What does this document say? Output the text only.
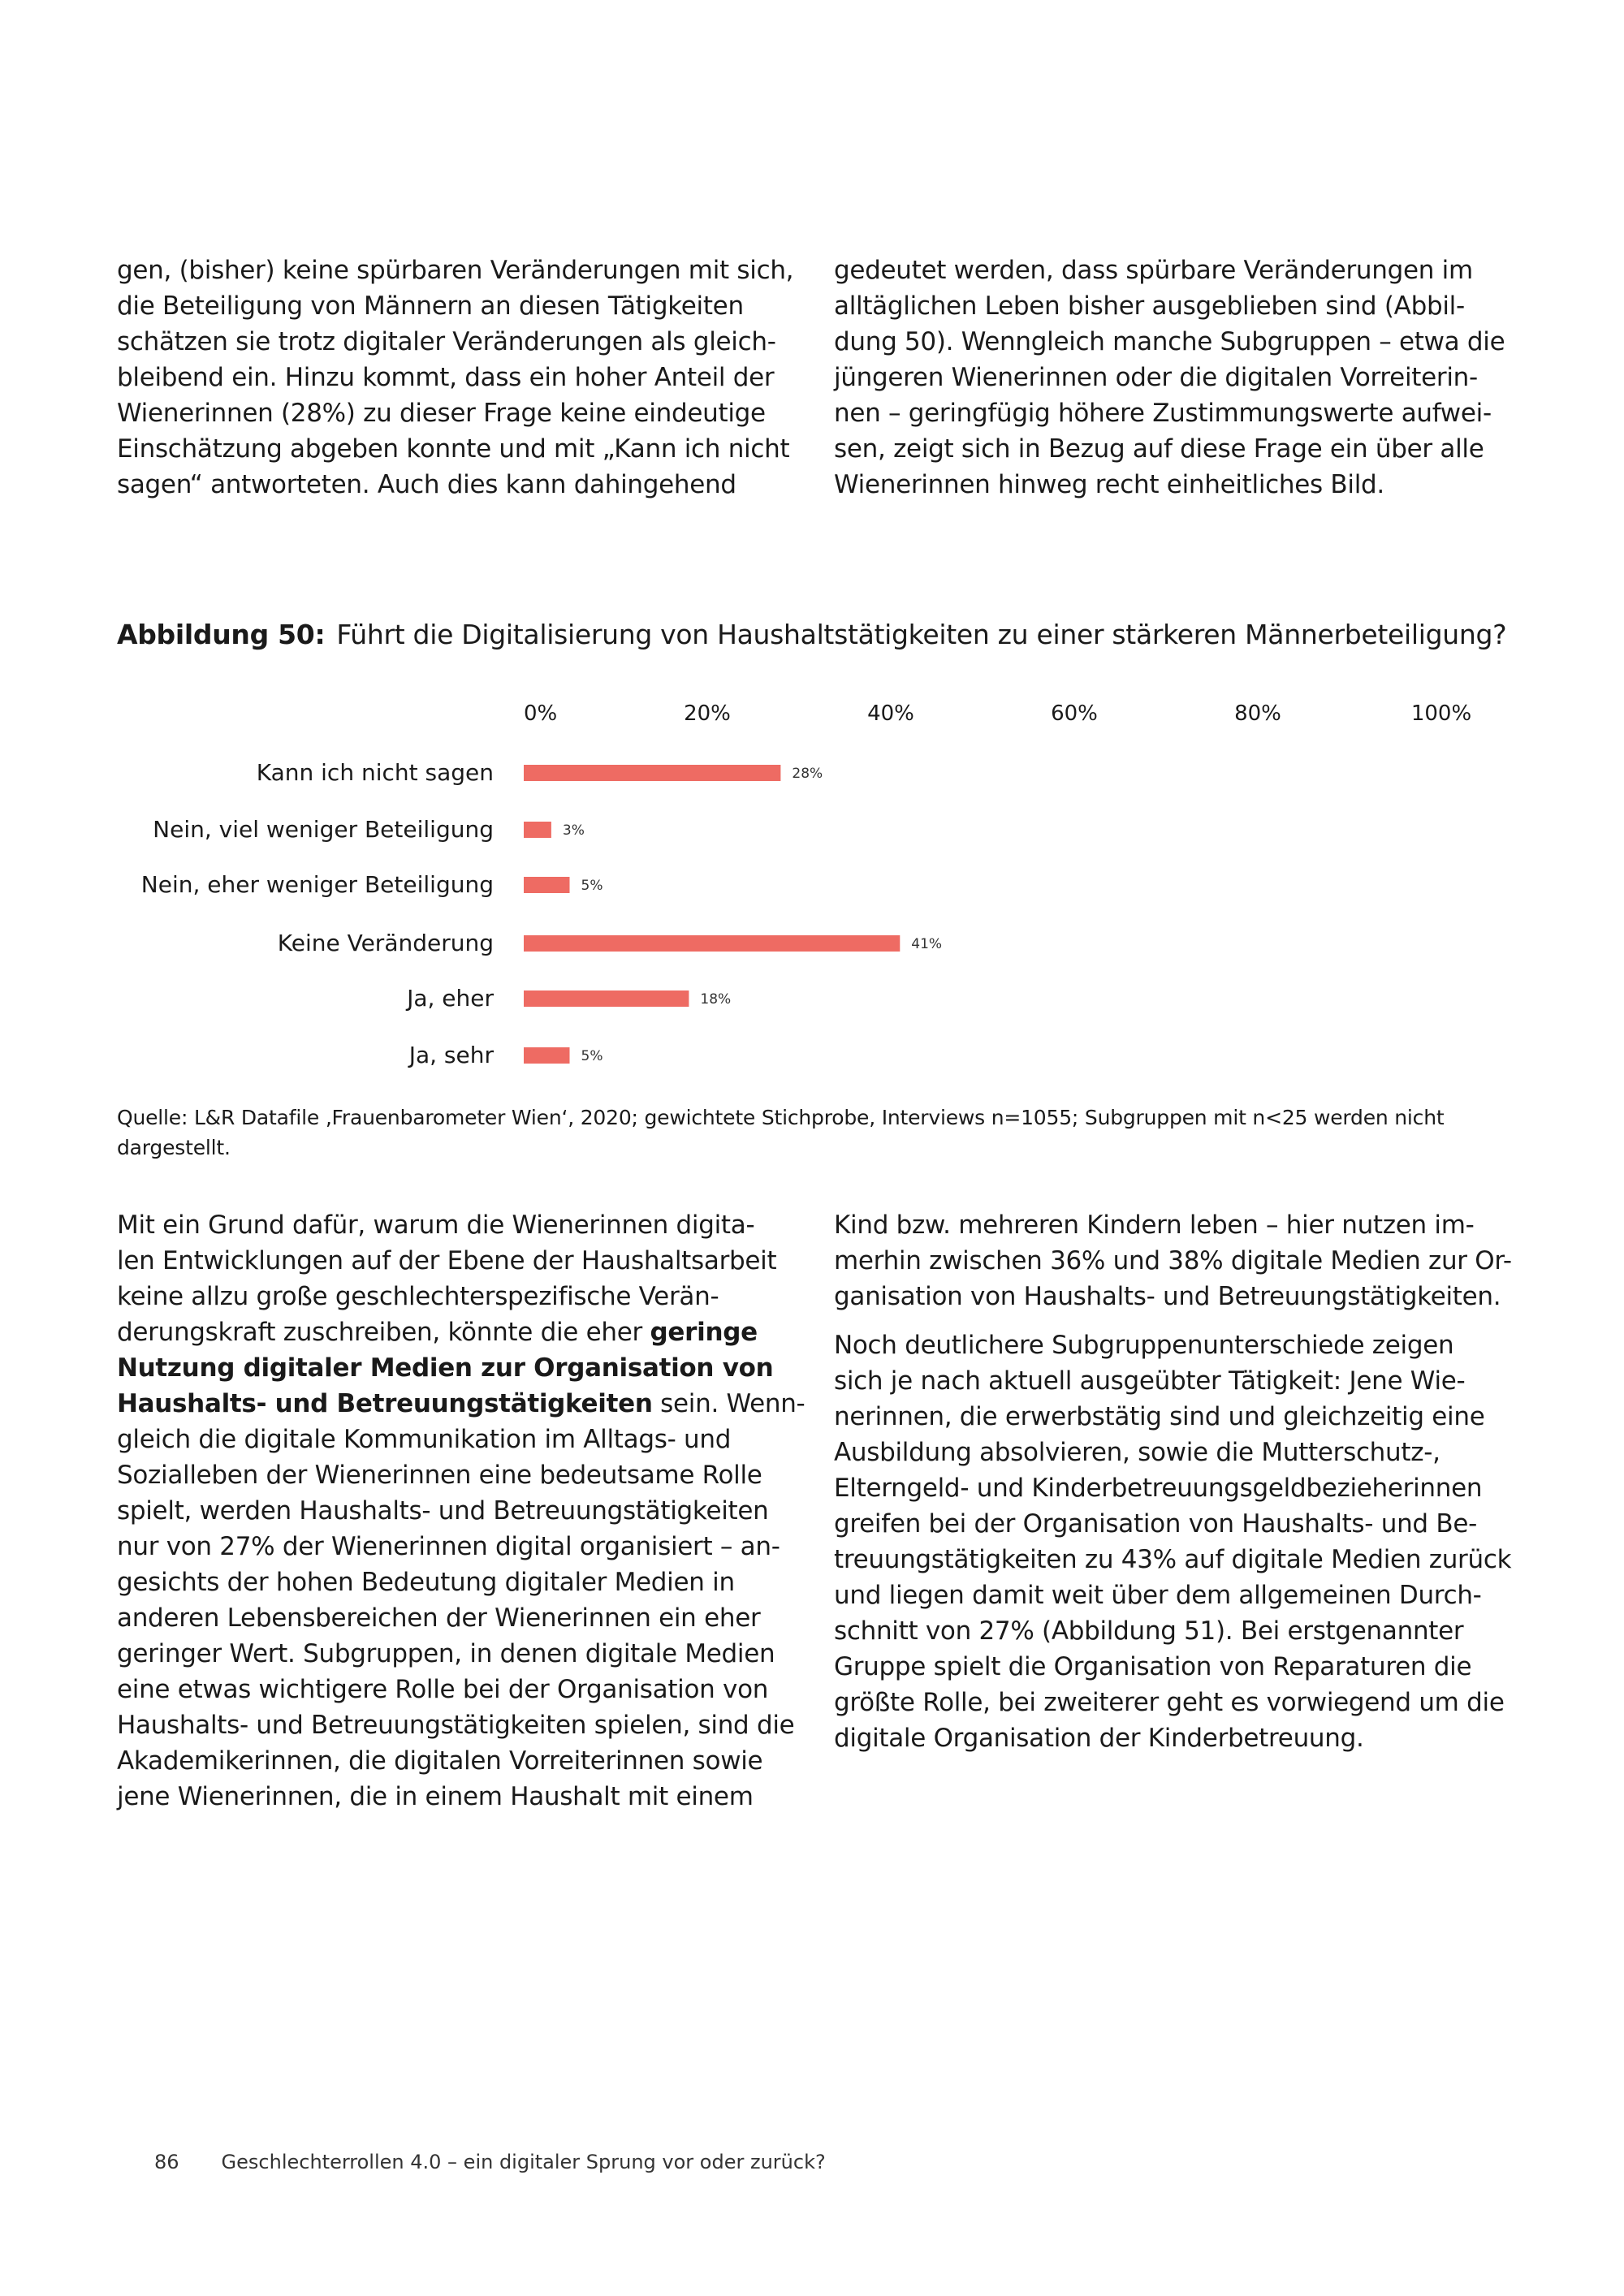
gen, (bisher) keine spürbaren Veränderungen mit sich,
die Beteiligung von Männern an diesen Tätigkeiten
schätzen sie trotz digitaler Veränderungen als gleich-
bleibend ein. Hinzu kommt, dass ein hoher Anteil der
Wienerinnen (28%) zu dieser Frage keine eindeutige
Einschätzung abgeben konnte und mit „Kann ich nicht
sagen“ antworteten. Auch dies kann dahingehend

gedeutet werden, dass spürbare Veränderungen im
alltäglichen Leben bisher ausgeblieben sind (Abbil-
dung 50). Wenngleich manche Subgruppen – etwa die
jüngeren Wienerinnen oder die digitalen Vorreiterin-
nen – geringfügig höhere Zustimmungswerte aufwei-
sen, zeigt sich in Bezug auf diese Frage ein über alle
Wienerinnen hinweg recht einheitliches Bild.

Abbildung 50: Führt die Digitalisierung von Haushaltstätigkeiten zu einer stärkeren Männerbeteiligung?
0%	20%	40%	60%	80%	100%
Kann ich nicht sagen	28%
Nein, viel weniger Beteiligung	3%
Nein, eher weniger Beteiligung	5%
Keine Veränderung	41%
Ja, eher	18%
Ja, sehr	5%
Quelle: L&R Datafile ‚Frauenbarometer Wien‘, 2020; gewichtete Stichprobe, Interviews n=1055; Subgruppen mit n<25 werden nicht dargestellt.

Mit ein Grund dafür, warum die Wienerinnen digita-
len Entwicklungen auf der Ebene der Haushaltsarbeit
keine allzu große geschlechterspezifische Verän-
derungskraft zuschreiben, könnte die eher geringe
Nutzung digitaler Medien zur Organisation von
Haushalts- und Betreuungstätigkeiten sein. Wenn-
gleich die digitale Kommunikation im Alltags- und
Sozialleben der Wienerinnen eine bedeutsame Rolle
spielt, werden Haushalts- und Betreuungstätigkeiten
nur von 27% der Wienerinnen digital organisiert – an-
gesichts der hohen Bedeutung digitaler Medien in
anderen Lebensbereichen der Wienerinnen ein eher
geringer Wert. Subgruppen, in denen digitale Medien
eine etwas wichtigere Rolle bei der Organisation von
Haushalts- und Betreuungstätigkeiten spielen, sind die
Akademikerinnen, die digitalen Vorreiterinnen sowie
jene Wienerinnen, die in einem Haushalt mit einem

Kind bzw. mehreren Kindern leben – hier nutzen im-
merhin zwischen 36% und 38% digitale Medien zur Or-
ganisation von Haushalts- und Betreuungstätigkeiten.

Noch deutlichere Subgruppenunterschiede zeigen
sich je nach aktuell ausgeübter Tätigkeit: Jene Wie-
nerinnen, die erwerbstätig sind und gleichzeitig eine
Ausbildung absolvieren, sowie die Mutterschutz-,
Elterngeld- und Kinderbetreuungsgeldbezieherinnen
greifen bei der Organisation von Haushalts- und Be-
treuungstätigkeiten zu 43% auf digitale Medien zurück
und liegen damit weit über dem allgemeinen Durch-
schnitt von 27% (Abbildung 51). Bei erstgenannter
Gruppe spielt die Organisation von Reparaturen die
größte Rolle, bei zweiterer geht es vorwiegend um die
digitale Organisation der Kinderbetreuung.

86 Geschlechterrollen 4.0 – ein digitaler Sprung vor oder zurück?
